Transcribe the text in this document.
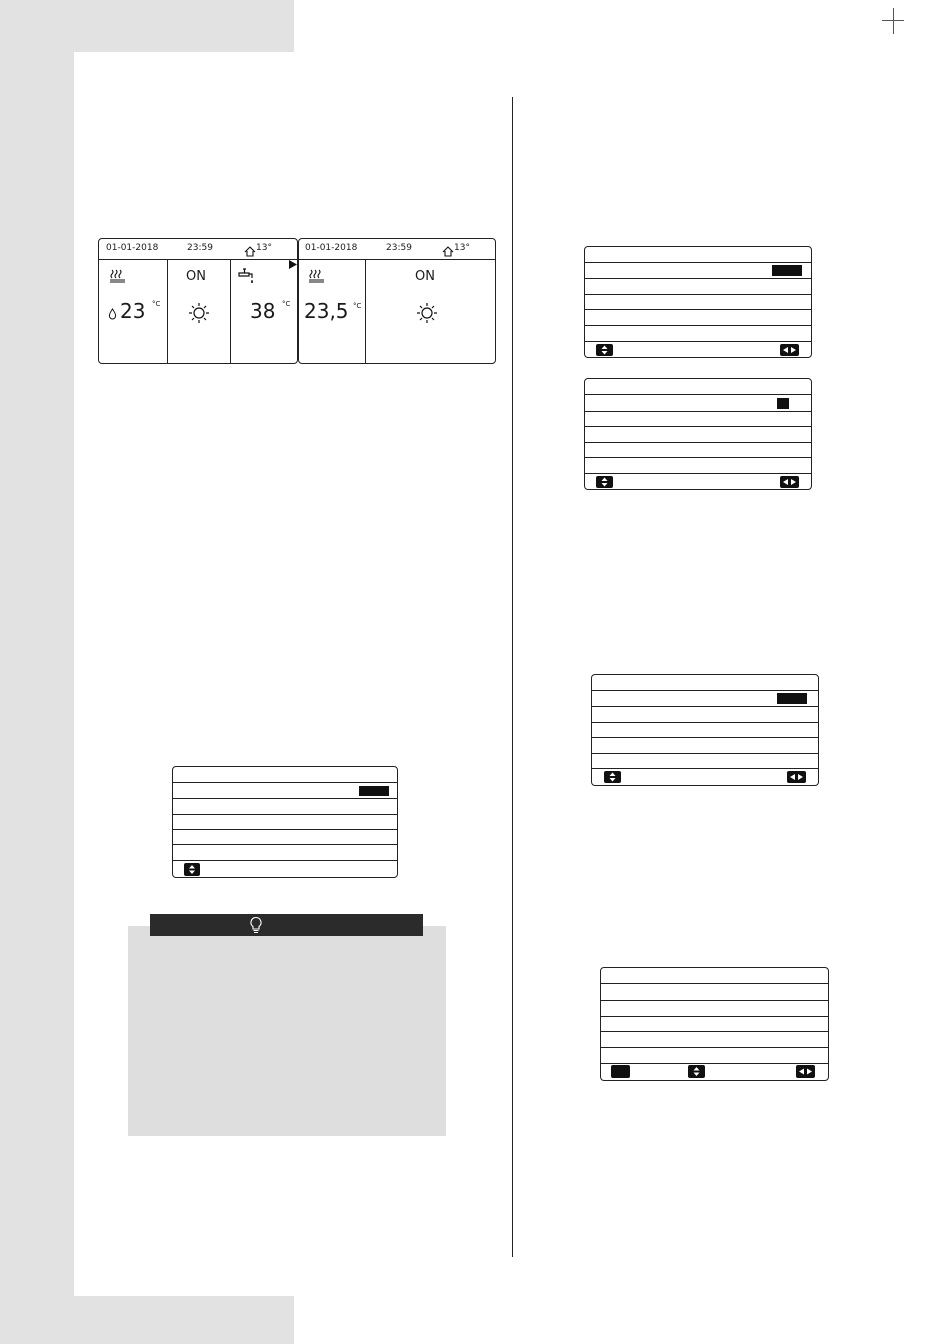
01-01-2018	23:59	13°
23 °C
ON
38 °C
01-01-2018	23:59	13°
23,5 °C
ON
